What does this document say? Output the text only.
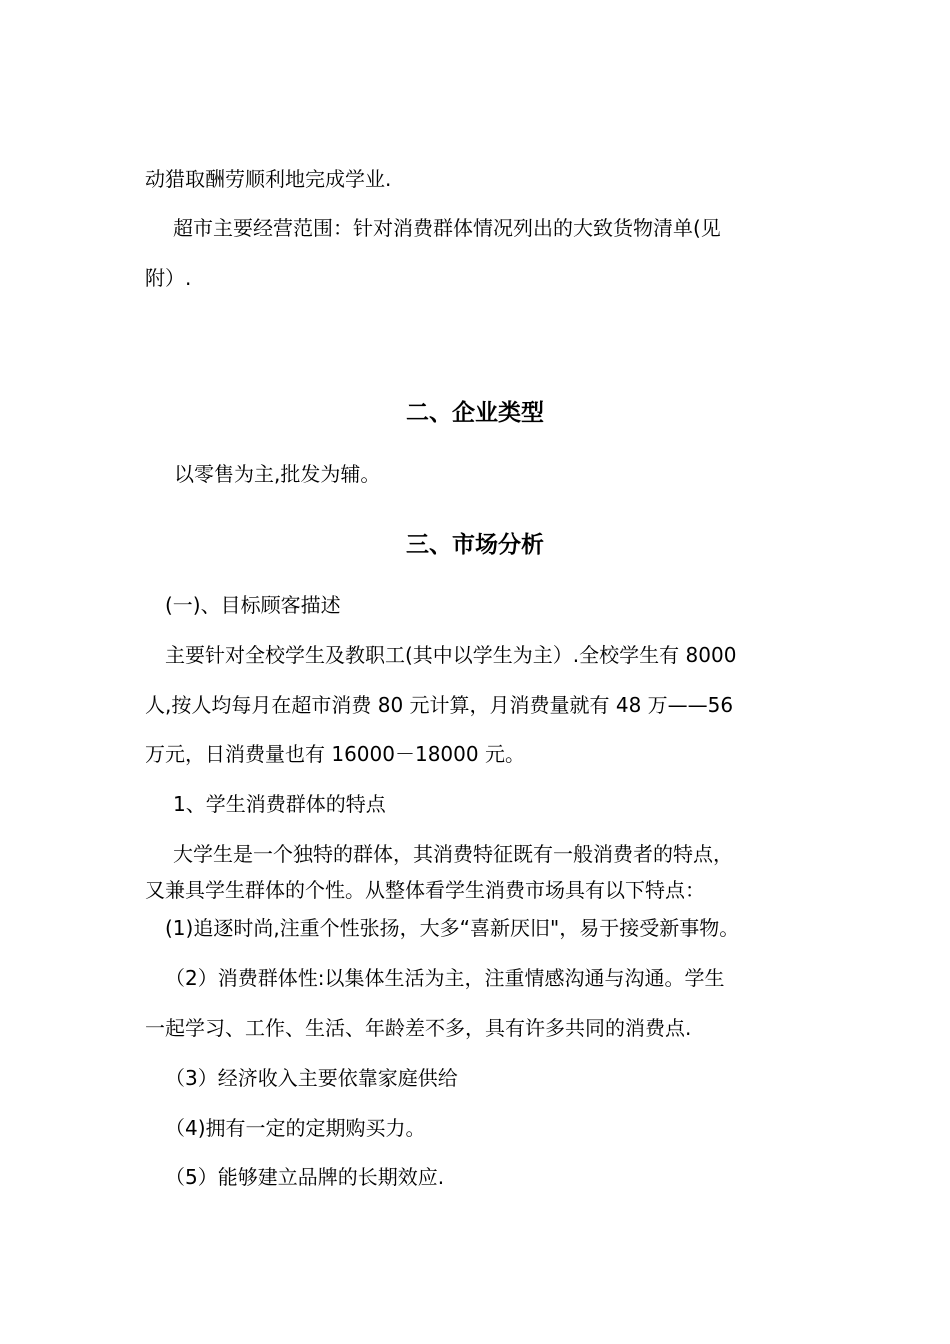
动猎取酬劳顺利地完成学业.
超市主要经营范围：针对消费群体情况列出的大致货物清单(见
附）.
二、企业类型
以零售为主,批发为辅。
三、市场分析
(一)、目标顾客描述
主要针对全校学生及教职工(其中以学生为主）.全校学生有 8000
人,按人均每月在超市消费 80 元计算，月消费量就有 48 万——56
万元，日消费量也有 16000－18000 元。
1、学生消费群体的特点
大学生是一个独特的群体，其消费特征既有一般消费者的特点，
又兼具学生群体的个性。从整体看学生消费市场具有以下特点：
(1)追逐时尚,注重个性张扬，大多“喜新厌旧"，易于接受新事物。
（2）消费群体性:以集体生活为主，注重情感沟通与沟通。学生
一起学习、工作、生活、年龄差不多，具有许多共同的消费点.
（3）经济收入主要依靠家庭供给
（4)拥有一定的定期购买力。
（5）能够建立品牌的长期效应.
